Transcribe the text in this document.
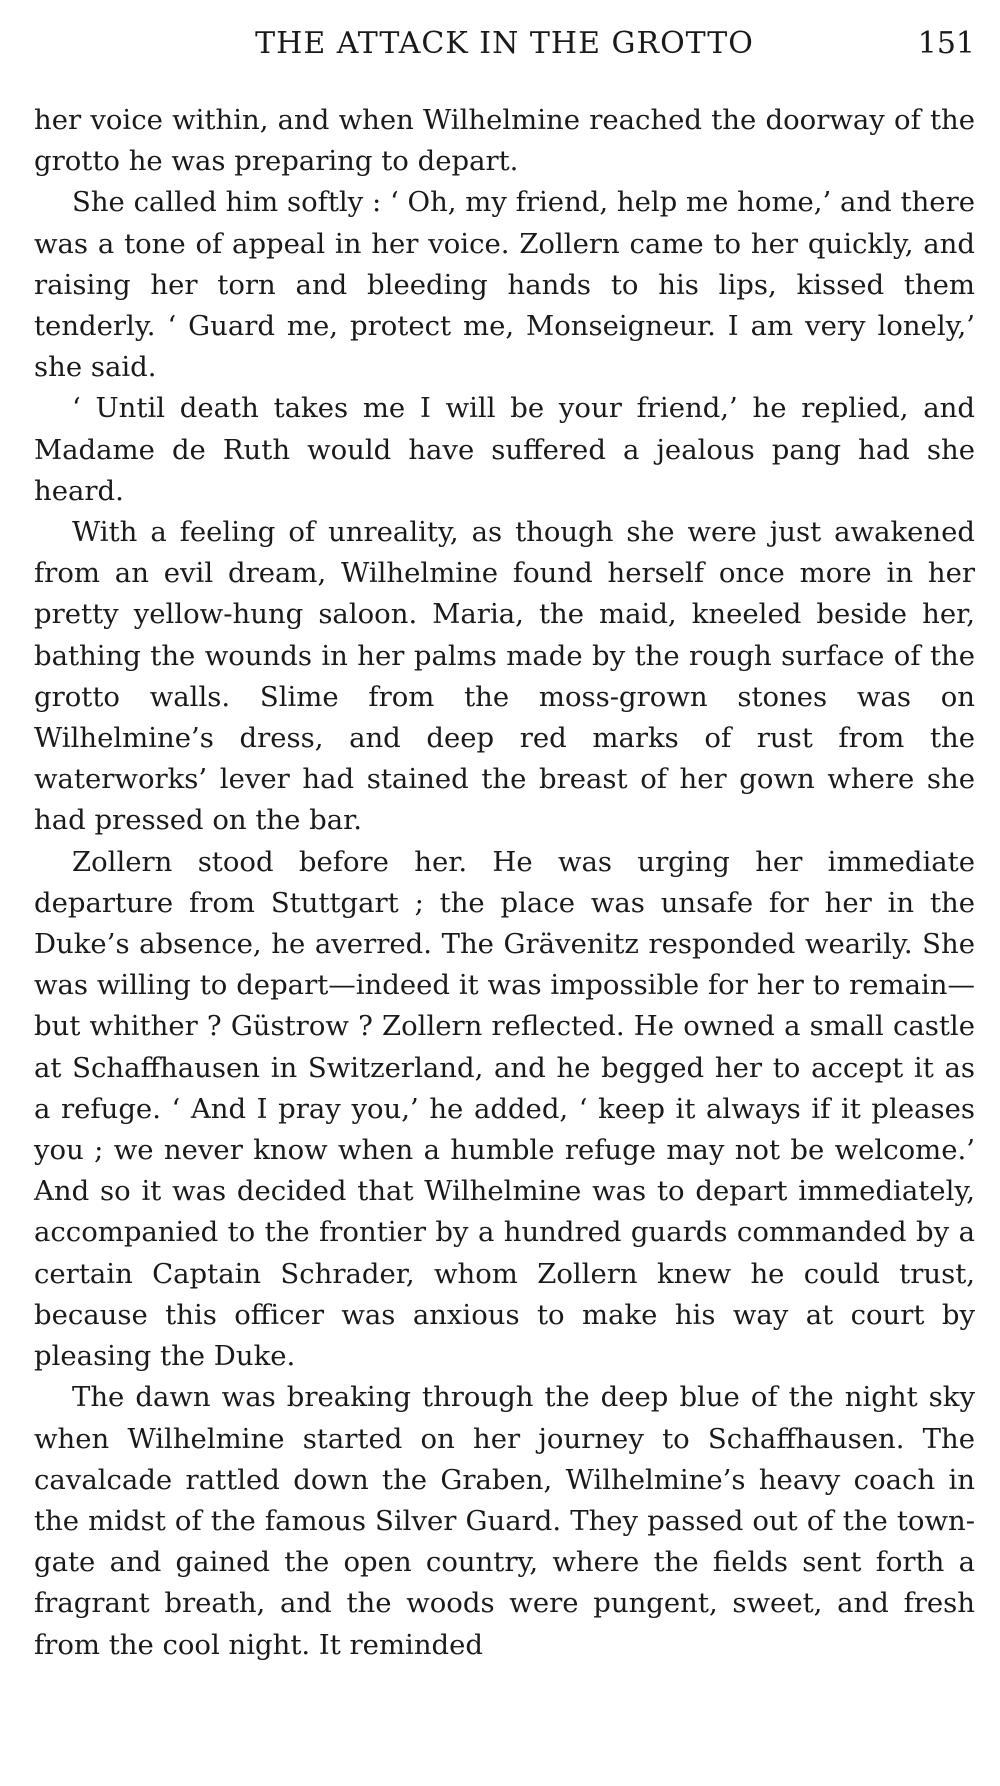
THE ATTACK IN THE GROTTO	151

her voice within, and when Wilhelmine reached the doorway of the grotto he was preparing to depart.

She called him softly : ‘ Oh, my friend, help me home,’ and there was a tone of appeal in her voice. Zollern came to her quickly, and raising her torn and bleeding hands to his lips, kissed them tenderly. ‘ Guard me, protect me, Monseigneur. I am very lonely,’ she said.

‘ Until death takes me I will be your friend,’ he replied, and Madame de Ruth would have suffered a jealous pang had she heard.

With a feeling of unreality, as though she were just awakened from an evil dream, Wilhelmine found herself once more in her pretty yellow-hung saloon. Maria, the maid, kneeled beside her, bathing the wounds in her palms made by the rough surface of the grotto walls. Slime from the moss-grown stones was on Wilhelmine’s dress, and deep red marks of rust from the waterworks’ lever had stained the breast of her gown where she had pressed on the bar.

Zollern stood before her. He was urging her immediate departure from Stuttgart ; the place was unsafe for her in the Duke’s absence, he averred. The Grävenitz responded wearily. She was willing to depart—indeed it was impossible for her to remain—but whither ? Güstrow ? Zollern reflected. He owned a small castle at Schaffhausen in Switzerland, and he begged her to accept it as a refuge. ‘ And I pray you,’ he added, ‘ keep it always if it pleases you ; we never know when a humble refuge may not be welcome.’ And so it was decided that Wilhelmine was to depart immediately, accompanied to the frontier by a hundred guards commanded by a certain Captain Schrader, whom Zollern knew he could trust, because this officer was anxious to make his way at court by pleasing the Duke.

The dawn was breaking through the deep blue of the night sky when Wilhelmine started on her journey to Schaffhausen. The cavalcade rattled down the Graben, Wilhelmine’s heavy coach in the midst of the famous Silver Guard. They passed out of the town-gate and gained the open country, where the fields sent forth a fragrant breath, and the woods were pungent, sweet, and fresh from the cool night. It reminded
